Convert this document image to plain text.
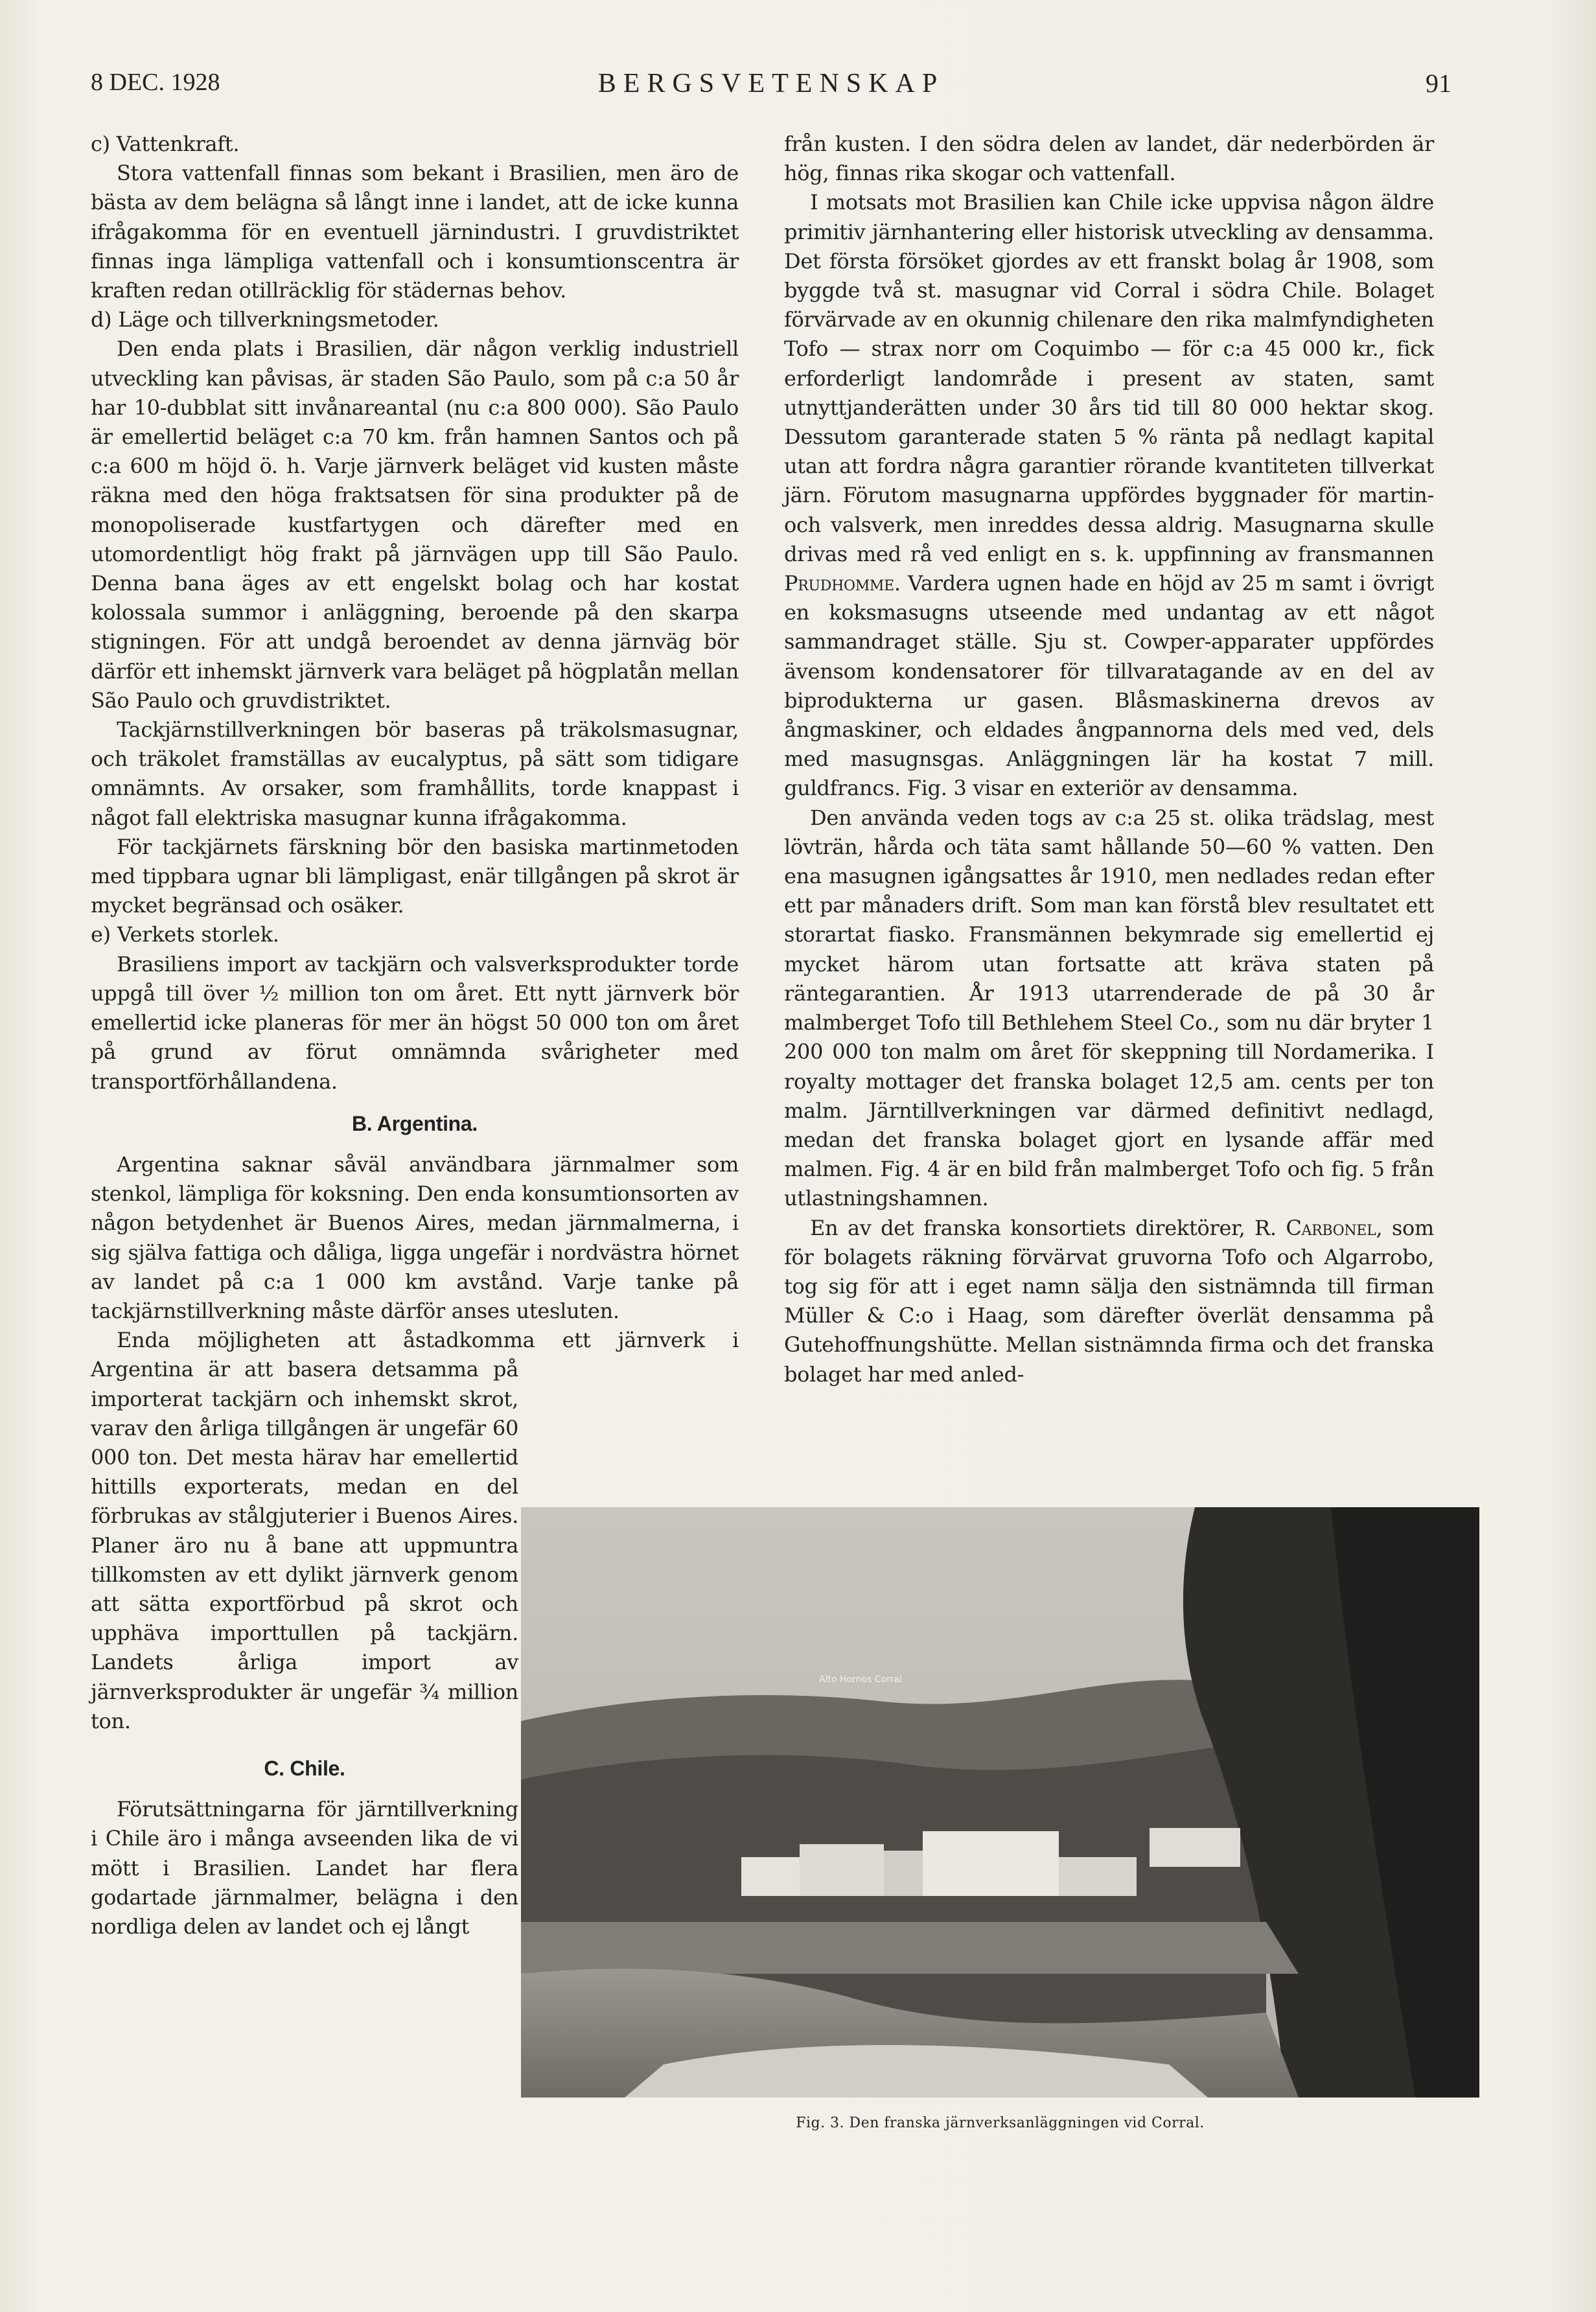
8 DEC. 1928	BERGSVETENSKAP	91

c) Vattenkraft.

Stora vattenfall finnas som bekant i Brasilien, men äro de bästa av dem belägna så långt inne i landet, att de icke kunna ifrågakomma för en eventuell järnindustri. I gruvdistriktet finnas inga lämpliga vattenfall och i konsumtionscentra är kraften redan otillräcklig för städernas behov.

d) Läge och tillverkningsmetoder.

Den enda plats i Brasilien, där någon verklig industriell utveckling kan påvisas, är staden São Paulo, som på c:a 50 år har 10-dubblat sitt invånareantal (nu c:a 800 000). São Paulo är emellertid beläget c:a 70 km. från hamnen Santos och på c:a 600 m höjd ö. h. Varje järnverk beläget vid kusten måste räkna med den höga fraktsatsen för sina produkter på de monopoliserade kustfartygen och därefter med en utomordentligt hög frakt på järnvägen upp till São Paulo. Denna bana äges av ett engelskt bolag och har kostat kolossala summor i anläggning, beroende på den skarpa stigningen. För att undgå beroendet av denna järnväg bör därför ett inhemskt järnverk vara beläget på högplatån mellan São Paulo och gruvdistriktet.

Tackjärnstillverkningen bör baseras på träkolsmasugnar, och träkolet framställas av eucalyptus, på sätt som tidigare omnämnts. Av orsaker, som framhållits, torde knappast i något fall elektriska masugnar kunna ifrågakomma.

För tackjärnets färskning bör den basiska martinmetoden med tippbara ugnar bli lämpligast, enär tillgången på skrot är mycket begränsad och osäker.

e) Verkets storlek.

Brasiliens import av tackjärn och valsverksprodukter torde uppgå till över ½ million ton om året. Ett nytt järnverk bör emellertid icke planeras för mer än högst 50 000 ton om året på grund av förut omnämnda svårigheter med transportförhållandena.

B. Argentina.

Argentina saknar såväl användbara järnmalmer som stenkol, lämpliga för koksning. Den enda konsumtionsorten av någon betydenhet är Buenos Aires, medan järnmalmerna, i sig själva fattiga och dåliga, ligga ungefär i nordvästra hörnet av landet på c:a 1 000 km avstånd. Varje tanke på tackjärnstillverkning måste därför anses utesluten.

Enda möjligheten att åstadkomma ett järnverk i

Argentina är att basera detsamma på importerat tackjärn och inhemskt skrot, varav den årliga tillgången är ungefär 60 000 ton. Det mesta härav har emellertid hittills exporterats, medan en del förbrukas av stålgjuterier i Buenos Aires. Planer äro nu å bane att uppmuntra tillkomsten av ett dylikt järnverk genom att sätta exportförbud på skrot och upphäva importtullen på tackjärn. Landets årliga import av järnverksprodukter är ungefär ¾ million ton.

C. Chile.

Förutsättningarna för järntillverkning i Chile äro i många avseenden lika de vi mött i Brasilien. Landet har flera godartade järnmalmer, belägna i den nordliga delen av landet och ej långt

från kusten. I den södra delen av landet, där nederbörden är hög, finnas rika skogar och vattenfall.

I motsats mot Brasilien kan Chile icke uppvisa någon äldre primitiv järnhantering eller historisk utveckling av densamma. Det första försöket gjordes av ett franskt bolag år 1908, som byggde två st. masugnar vid Corral i södra Chile. Bolaget förvärvade av en okunnig chilenare den rika malmfyndigheten Tofo — strax norr om Coquimbo — för c:a 45 000 kr., fick erforderligt landområde i present av staten, samt utnyttjanderätten under 30 års tid till 80 000 hektar skog. Dessutom garanterade staten 5 % ränta på nedlagt kapital utan att fordra några garantier rörande kvantiteten tillverkat järn. Förutom masugnarna uppfördes byggnader för martin- och valsverk, men inreddes dessa aldrig. Masugnarna skulle drivas med rå ved enligt en s. k. uppfinning av fransmannen Prudhomme. Vardera ugnen hade en höjd av 25 m samt i övrigt en koksmasugns utseende med undantag av ett något sammandraget ställe. Sju st. Cowper-apparater uppfördes ävensom kondensatorer för tillvaratagande av en del av biprodukterna ur gasen. Blåsmaskinerna drevos av ångmaskiner, och eldades ångpannorna dels med ved, dels med masugnsgas. Anläggningen lär ha kostat 7 mill. guldfrancs. Fig. 3 visar en exteriör av densamma.

Den använda veden togs av c:a 25 st. olika trädslag, mest lövträn, hårda och täta samt hållande 50—60 % vatten. Den ena masugnen igångsattes år 1910, men nedlades redan efter ett par månaders drift. Som man kan förstå blev resultatet ett storartat fiasko. Fransmännen bekymrade sig emellertid ej mycket härom utan fortsatte att kräva staten på räntegarantien. År 1913 utarrenderade de på 30 år malmberget Tofo till Bethlehem Steel Co., som nu där bryter 1 200 000 ton malm om året för skeppning till Nordamerika. I royalty mottager det franska bolaget 12,5 am. cents per ton malm. Järntillverkningen var därmed definitivt nedlagd, medan det franska bolaget gjort en lysande affär med malmen. Fig. 4 är en bild från malmberget Tofo och fig. 5 från utlastningshamnen.

En av det franska konsortiets direktörer, R. Carbonel, som för bolagets räkning förvärvat gruvorna Tofo och Algarrobo, tog sig för att i eget namn sälja den sistnämnda till firman Müller & C:o i Haag, som därefter överlät densamma på Gutehoffnungshütte. Mellan sistnämnda firma och det franska bolaget har med anled-

Alto Hornos Corral
Fig. 3. Den franska järnverksanläggningen vid Corral.
